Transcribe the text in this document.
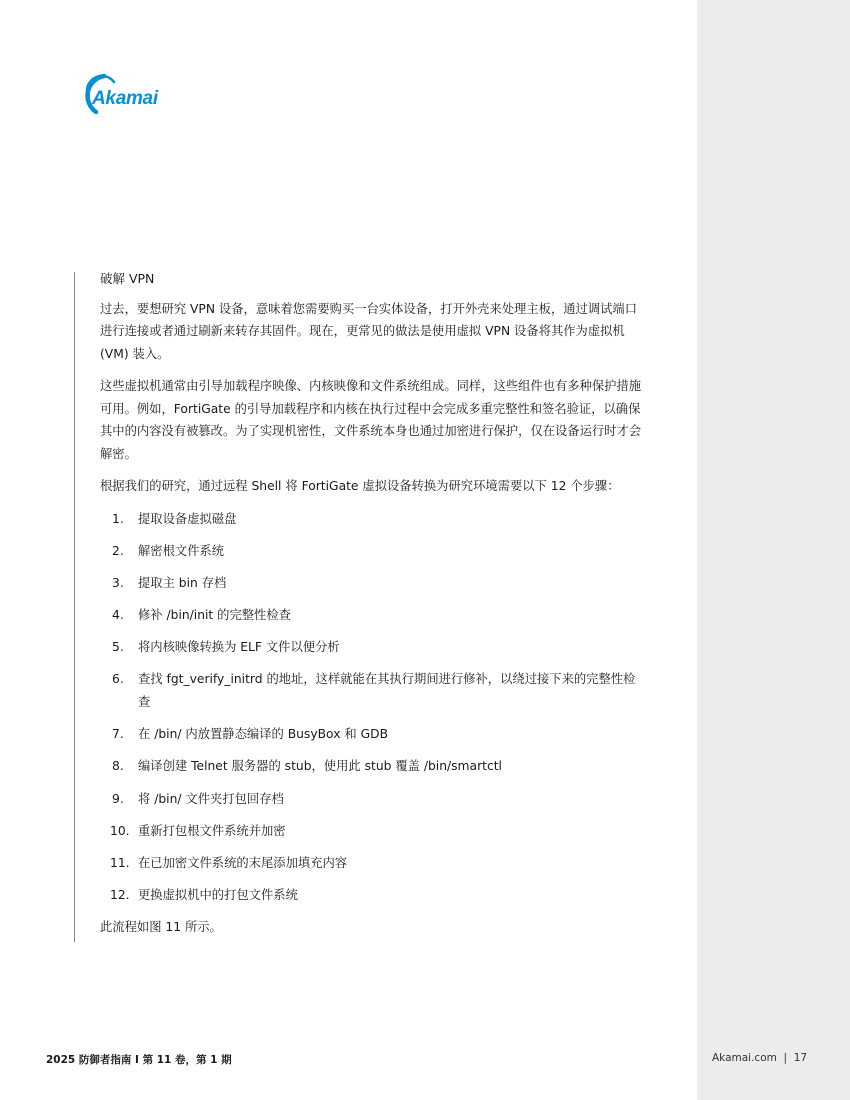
Akamai

破解 VPN

过去，要想研究 VPN 设备，意味着您需要购买一台实体设备，打开外壳来处理主板，通过调试端口进行连接或者通过刷新来转存其固件。现在，更常见的做法是使用虚拟 VPN 设备将其作为虚拟机 (VM) 装入。

这些虚拟机通常由引导加载程序映像、内核映像和文件系统组成。同样，这些组件也有多种保护措施可用。例如，FortiGate 的引导加载程序和内核在执行过程中会完成多重完整性和签名验证，以确保其中的内容没有被篡改。为了实现机密性，文件系统本身也通过加密进行保护，仅在设备运行时才会解密。

根据我们的研究，通过远程 Shell 将 FortiGate 虚拟设备转换为研究环境需要以下 12 个步骤：

1. 提取设备虚拟磁盘
2. 解密根文件系统
3. 提取主 bin 存档
4. 修补 /bin/init 的完整性检查
5. 将内核映像转换为 ELF 文件以便分析
6. 查找 fgt_verify_initrd 的地址，这样就能在其执行期间进行修补，以绕过接下来的完整性检查
7. 在 /bin/ 内放置静态编译的 BusyBox 和 GDB
8. 编译创建 Telnet 服务器的 stub，使用此 stub 覆盖 /bin/smartctl
9. 将 /bin/ 文件夹打包回存档
10. 重新打包根文件系统并加密
11. 在已加密文件系统的末尾添加填充内容
12. 更换虚拟机中的打包文件系统

此流程如图 11 所示。

2025 防御者指南 I 第 11 卷，第 1 期	Akamai.com  |  17
